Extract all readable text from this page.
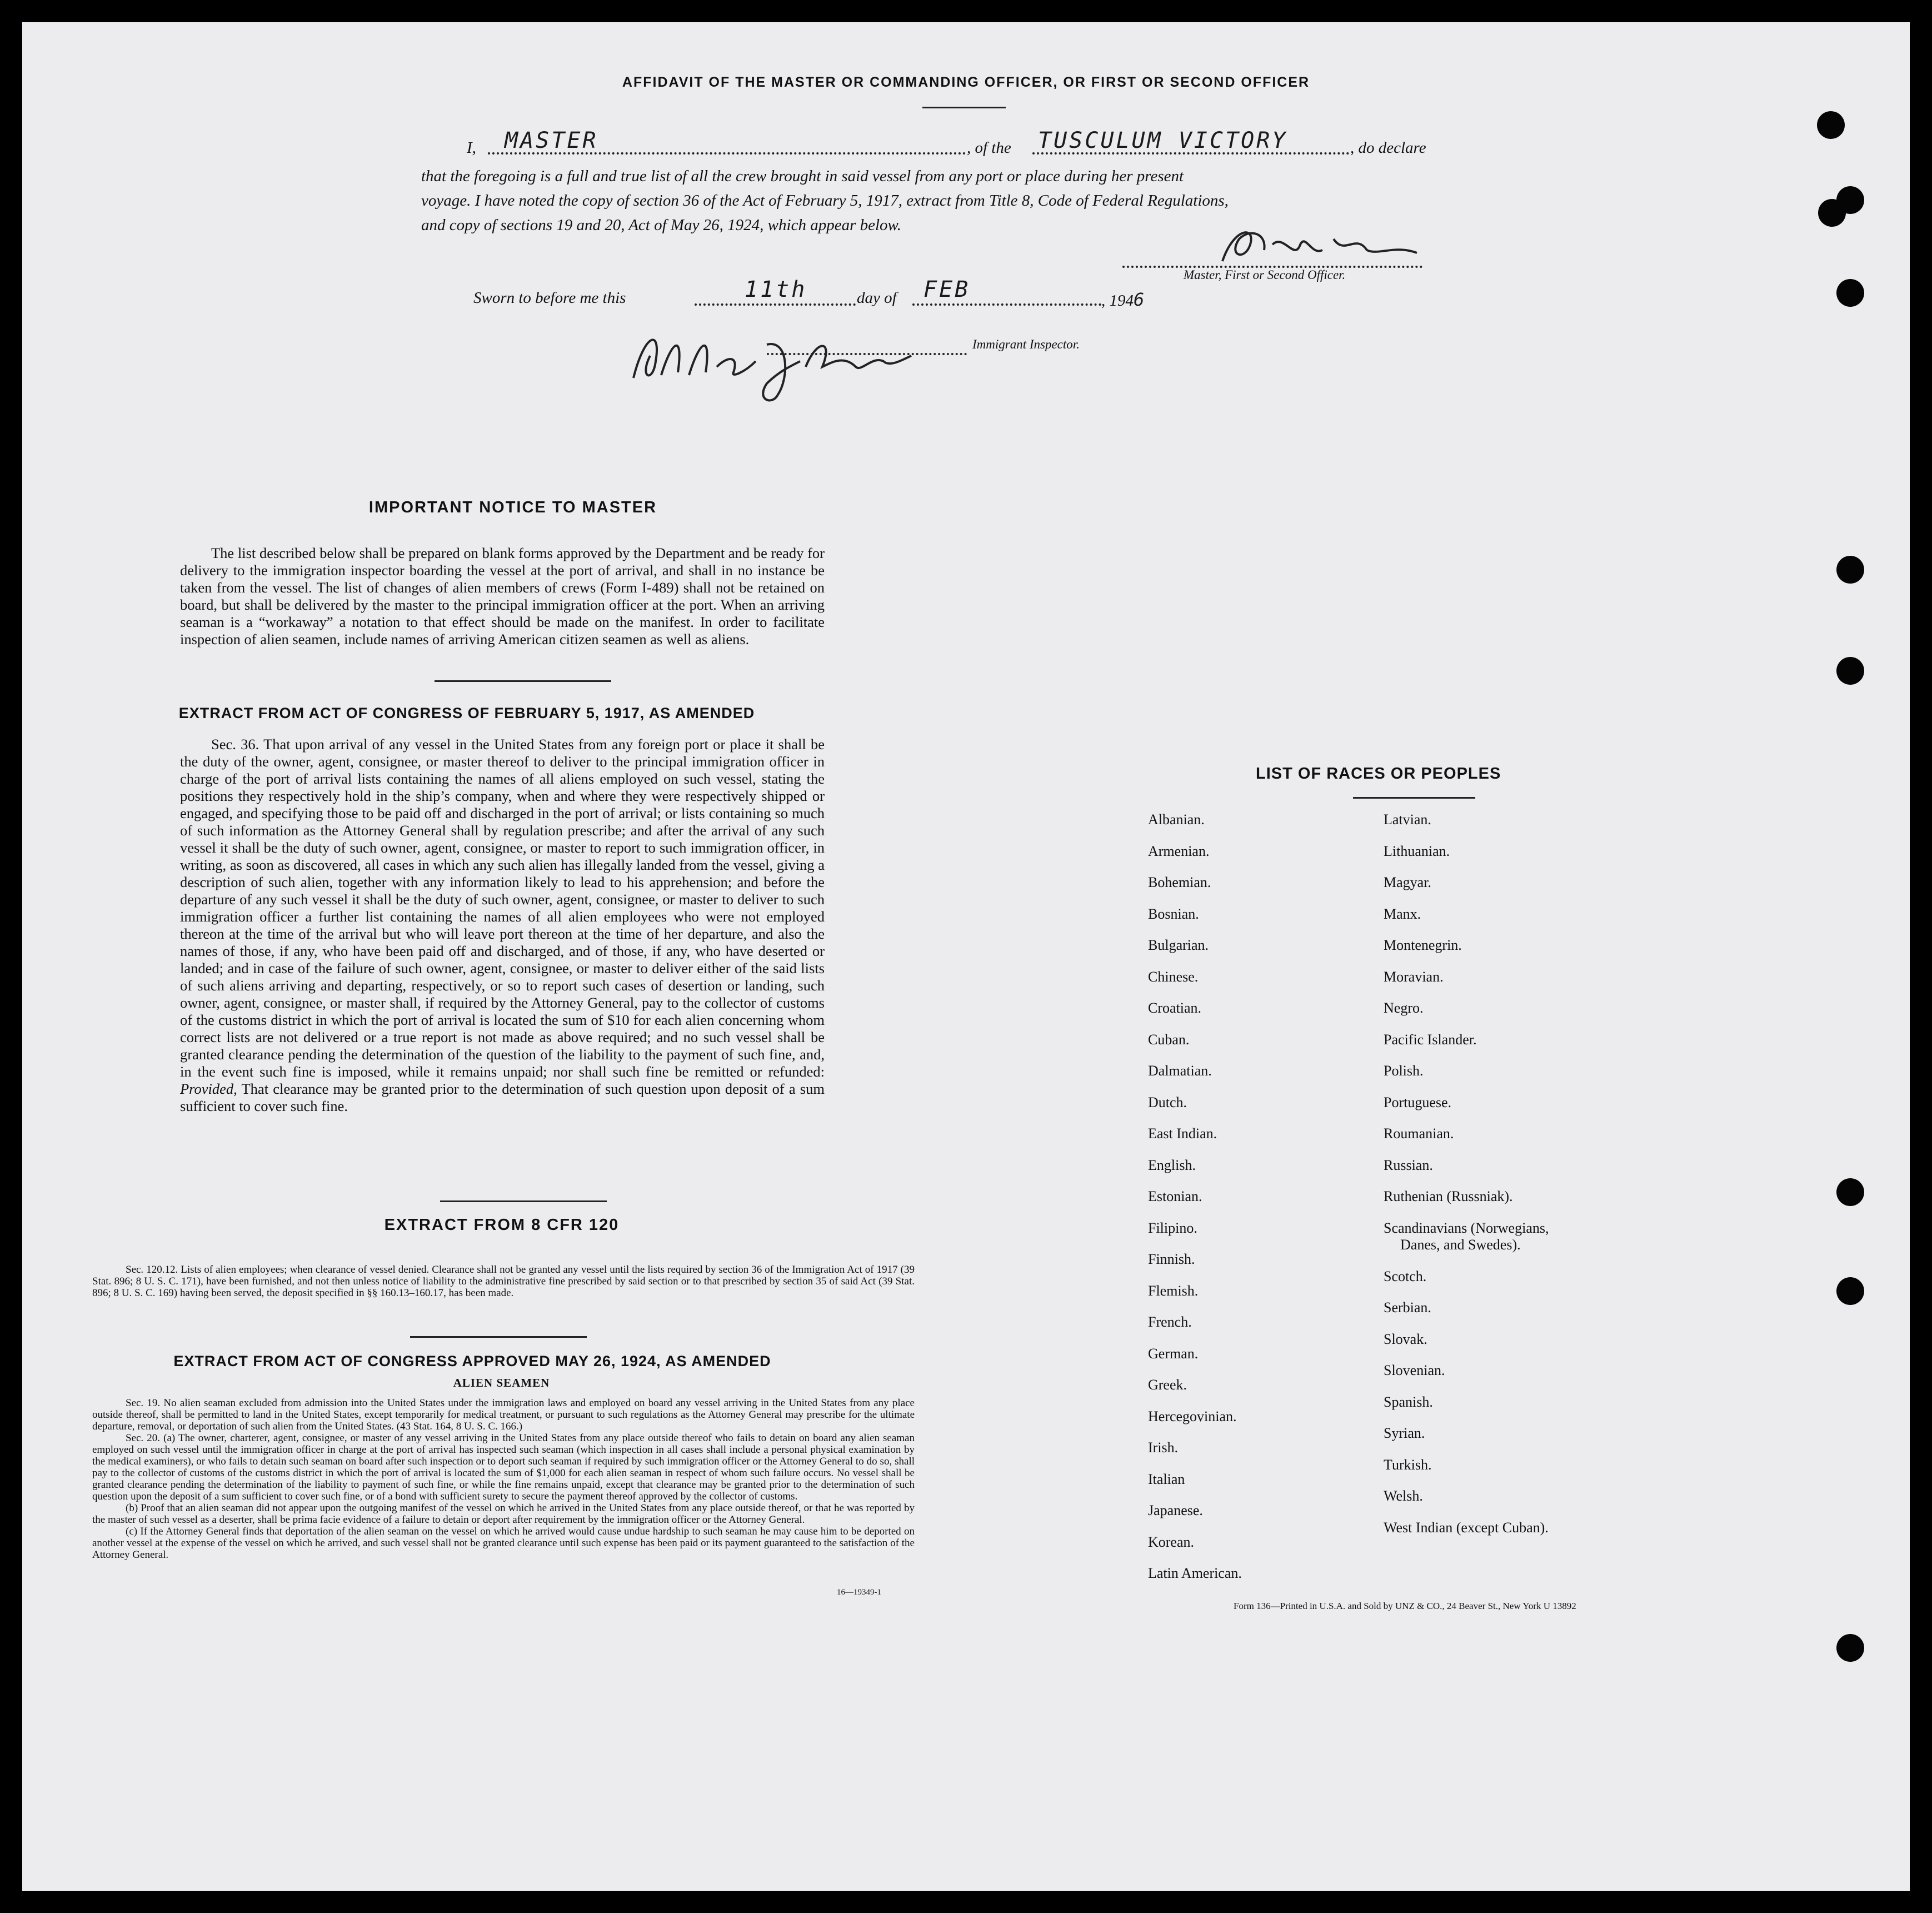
AFFIDAVIT OF THE MASTER OR COMMANDING OFFICER, OR FIRST OR SECOND OFFICER
I, MASTER	, of the TUSCULUM VICTORY	, do declare
that the foregoing is a full and true list of all the crew brought in said vessel from any port or place during her present
voyage. I have noted the copy of section 36 of the Act of February 5, 1917, extract from Title 8, Code of Federal Regulations,
and copy of sections 19 and 20, Act of May 26, 1924, which appear below.
Master, First or Second Officer.
Sworn to before me this	11th	day of FEB	, 1946
Immigrant Inspector.
IMPORTANT NOTICE TO MASTER
The list described below shall be prepared on blank forms approved by the Department and be ready for delivery to the immigration inspector boarding the vessel at the port of arrival, and shall in no instance be taken from the vessel. The list of changes of alien members of crews (Form I-489) shall not be retained on board, but shall be delivered by the master to the principal immigration officer at the port. When an arriving seaman is a “workaway” a notation to that effect should be made on the manifest. In order to facilitate inspection of alien seamen, include names of arriving American citizen seamen as well as aliens.
EXTRACT FROM ACT OF CONGRESS OF FEBRUARY 5, 1917, AS AMENDED
Sec. 36. That upon arrival of any vessel in the United States from any foreign port or place it shall be the duty of the owner, agent, consignee, or master thereof to deliver to the principal immigration officer in charge of the port of arrival lists containing the names of all aliens employed on such vessel, stating the positions they respectively hold in the ship’s company, when and where they were respectively shipped or engaged, and specifying those to be paid off and discharged in the port of arrival; or lists containing so much of such information as the Attorney General shall by regulation prescribe; and after the arrival of any such vessel it shall be the duty of such owner, agent, consignee, or master to report to such immigration officer, in writing, as soon as discovered, all cases in which any such alien has illegally landed from the vessel, giving a description of such alien, together with any information likely to lead to his apprehension; and before the departure of any such vessel it shall be the duty of such owner, agent, consignee, or master to deliver to such immigration officer a further list containing the names of all alien employees who were not employed thereon at the time of the arrival but who will leave port thereon at the time of her departure, and also the names of those, if any, who have been paid off and discharged, and of those, if any, who have deserted or landed; and in case of the failure of such owner, agent, consignee, or master to deliver either of the said lists of such aliens arriving and departing, respectively, or so to report such cases of desertion or landing, such owner, agent, consignee, or master shall, if required by the Attorney General, pay to the collector of customs of the customs district in which the port of arrival is located the sum of $10 for each alien concerning whom correct lists are not delivered or a true report is not made as above required; and no such vessel shall be granted clearance pending the determination of the question of the liability to the payment of such fine, and, in the event such fine is imposed, while it remains unpaid; nor shall such fine be remitted or refunded: Provided, That clearance may be granted prior to the determination of such question upon deposit of a sum sufficient to cover such fine.
EXTRACT FROM 8 CFR 120
Sec. 120.12. Lists of alien employees; when clearance of vessel denied. Clearance shall not be granted any vessel until the lists required by section 36 of the Immigration Act of 1917 (39 Stat. 896; 8 U. S. C. 171), have been furnished, and not then unless notice of liability to the administrative fine prescribed by said section or to that prescribed by section 35 of said Act (39 Stat. 896; 8 U. S. C. 169) having been served, the deposit specified in §§ 160.13–160.17, has been made.
EXTRACT FROM ACT OF CONGRESS APPROVED MAY 26, 1924, AS AMENDED
ALIEN SEAMEN
Sec. 19. No alien seaman excluded from admission into the United States under the immigration laws and employed on board any vessel arriving in the United States from any place outside thereof, shall be permitted to land in the United States, except temporarily for medical treatment, or pursuant to such regulations as the Attorney General may prescribe for the ultimate departure, removal, or deportation of such alien from the United States. (43 Stat. 164, 8 U. S. C. 166.)
Sec. 20. (a) The owner, charterer, agent, consignee, or master of any vessel arriving in the United States from any place outside thereof who fails to detain on board any alien seaman employed on such vessel until the immigration officer in charge at the port of arrival has inspected such seaman (which inspection in all cases shall include a personal physical examination by the medical examiners), or who fails to detain such seaman on board after such inspection or to deport such seaman if required by such immigration officer or the Attorney General to do so, shall pay to the collector of customs of the customs district in which the port of arrival is located the sum of $1,000 for each alien seaman in respect of whom such failure occurs. No vessel shall be granted clearance pending the determination of the liability to payment of such fine, or while the fine remains unpaid, except that clearance may be granted prior to the determination of such question upon the deposit of a sum sufficient to cover such fine, or of a bond with sufficient surety to secure the payment thereof approved by the collector of customs.
(b) Proof that an alien seaman did not appear upon the outgoing manifest of the vessel on which he arrived in the United States from any place outside thereof, or that he was reported by the master of such vessel as a deserter, shall be prima facie evidence of a failure to detain or deport after requirement by the immigration officer or the Attorney General.
(c) If the Attorney General finds that deportation of the alien seaman on the vessel on which he arrived would cause undue hardship to such seaman he may cause him to be deported on another vessel at the expense of the vessel on which he arrived, and such vessel shall not be granted clearance until such expense has been paid or its payment guaranteed to the satisfaction of the Attorney General.
16—19349-1
LIST OF RACES OR PEOPLES
Albanian.
Armenian.
Bohemian.
Bosnian.
Bulgarian.
Chinese.
Croatian.
Cuban.
Dalmatian.
Dutch.
East Indian.
English.
Estonian.
Filipino.
Finnish.
Flemish.
French.
German.
Greek.
Hercegovinian.
Irish.
Italian
Japanese.
Korean.
Latin American.
Latvian.
Lithuanian.
Magyar.
Manx.
Montenegrin.
Moravian.
Negro.
Pacific Islander.
Polish.
Portuguese.
Roumanian.
Russian.
Ruthenian (Russniak).
Scandinavians (Norwegians,
Danes, and Swedes).
Scotch.
Serbian.
Slovak.
Slovenian.
Spanish.
Syrian.
Turkish.
Welsh.
West Indian (except Cuban).
Form 136—Printed in U.S.A. and Sold by UNZ & CO., 24 Beaver St., New York U 13892
